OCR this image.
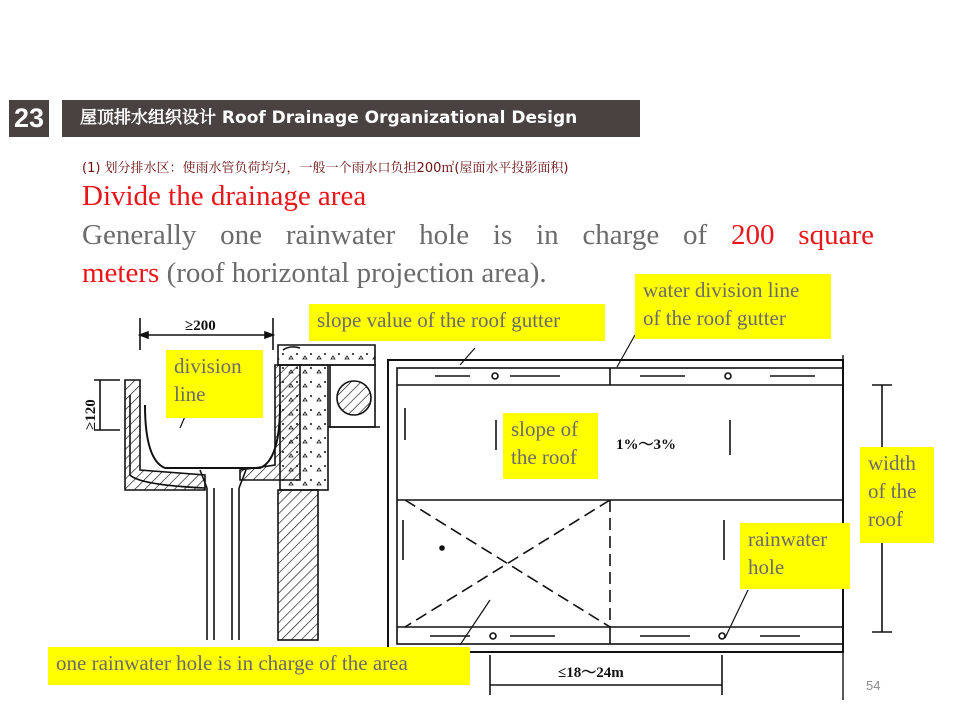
23	屋顶排水组织设计 Roof Drainage Organizational Design
(1) 划分排水区：使雨水管负荷均匀，一般一个雨水口负担200㎡(屋面水平投影面积)
Divide the drainage area
Generally one rainwater hole is in charge of 200 square
meters (roof horizontal projection area).
≥200
≥120
1%～3%
≤18～24m
slope value of the roof gutter
water division line
of the roof gutter
division
line
slope of
the roof	width
of the
roof
rainwater
hole
one rainwater hole is in charge of the area
54
